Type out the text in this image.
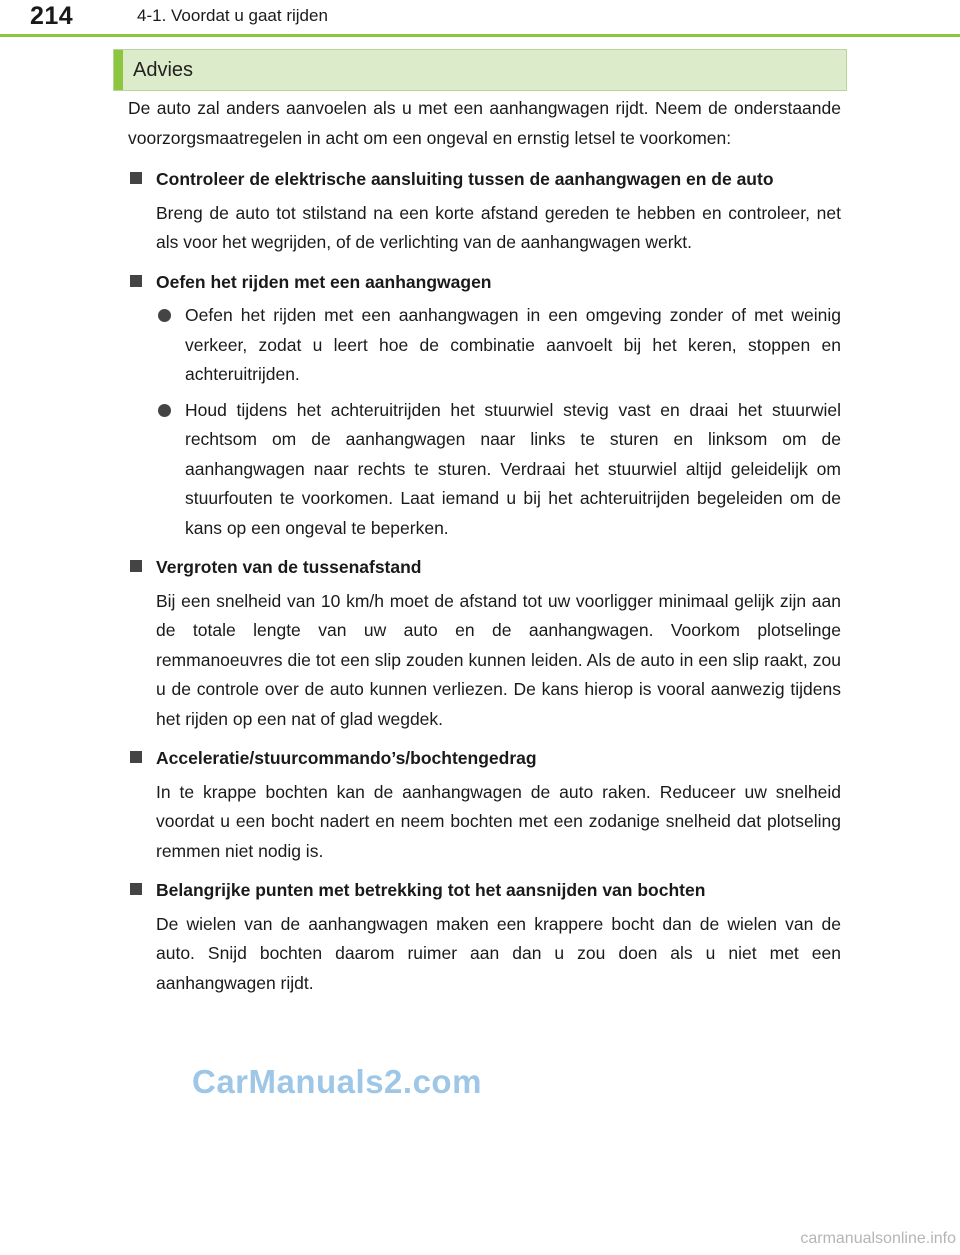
214	4-1. Voordat u gaat rijden
Advies

De auto zal anders aanvoelen als u met een aanhangwagen rijdt. Neem de onderstaande voorzorgsmaatregelen in acht om een ongeval en ernstig letsel te voorkomen:

Controleer de elektrische aansluiting tussen de aanhangwagen en de auto

Breng de auto tot stilstand na een korte afstand gereden te hebben en controleer, net als voor het wegrijden, of de verlichting van de aanhangwagen werkt.

Oefen het rijden met een aanhangwagen

Oefen het rijden met een aanhangwagen in een omgeving zonder of met weinig verkeer, zodat u leert hoe de combinatie aanvoelt bij het keren, stoppen en achteruitrijden.

Houd tijdens het achteruitrijden het stuurwiel stevig vast en draai het stuurwiel rechtsom om de aanhangwagen naar links te sturen en linksom om de aanhangwagen naar rechts te sturen. Verdraai het stuurwiel altijd geleidelijk om stuurfouten te voorkomen. Laat iemand u bij het achteruitrijden begeleiden om de kans op een ongeval te beperken.

Vergroten van de tussenafstand

Bij een snelheid van 10 km/h moet de afstand tot uw voorligger minimaal gelijk zijn aan de totale lengte van uw auto en de aanhangwagen. Voorkom plotselinge remmanoeuvres die tot een slip zouden kunnen leiden. Als de auto in een slip raakt, zou u de controle over de auto kunnen verliezen. De kans hierop is vooral aanwezig tijdens het rijden op een nat of glad wegdek.

Acceleratie/stuurcommando’s/bochtengedrag

In te krappe bochten kan de aanhangwagen de auto raken. Reduceer uw snelheid voordat u een bocht nadert en neem bochten met een zodanige snelheid dat plotseling remmen niet nodig is.

Belangrijke punten met betrekking tot het aansnijden van bochten

De wielen van de aanhangwagen maken een krappere bocht dan de wielen van de auto. Snijd bochten daarom ruimer aan dan u zou doen als u niet met een aanhangwagen rijdt.

CarManuals2.com
carmanualsonline.info
